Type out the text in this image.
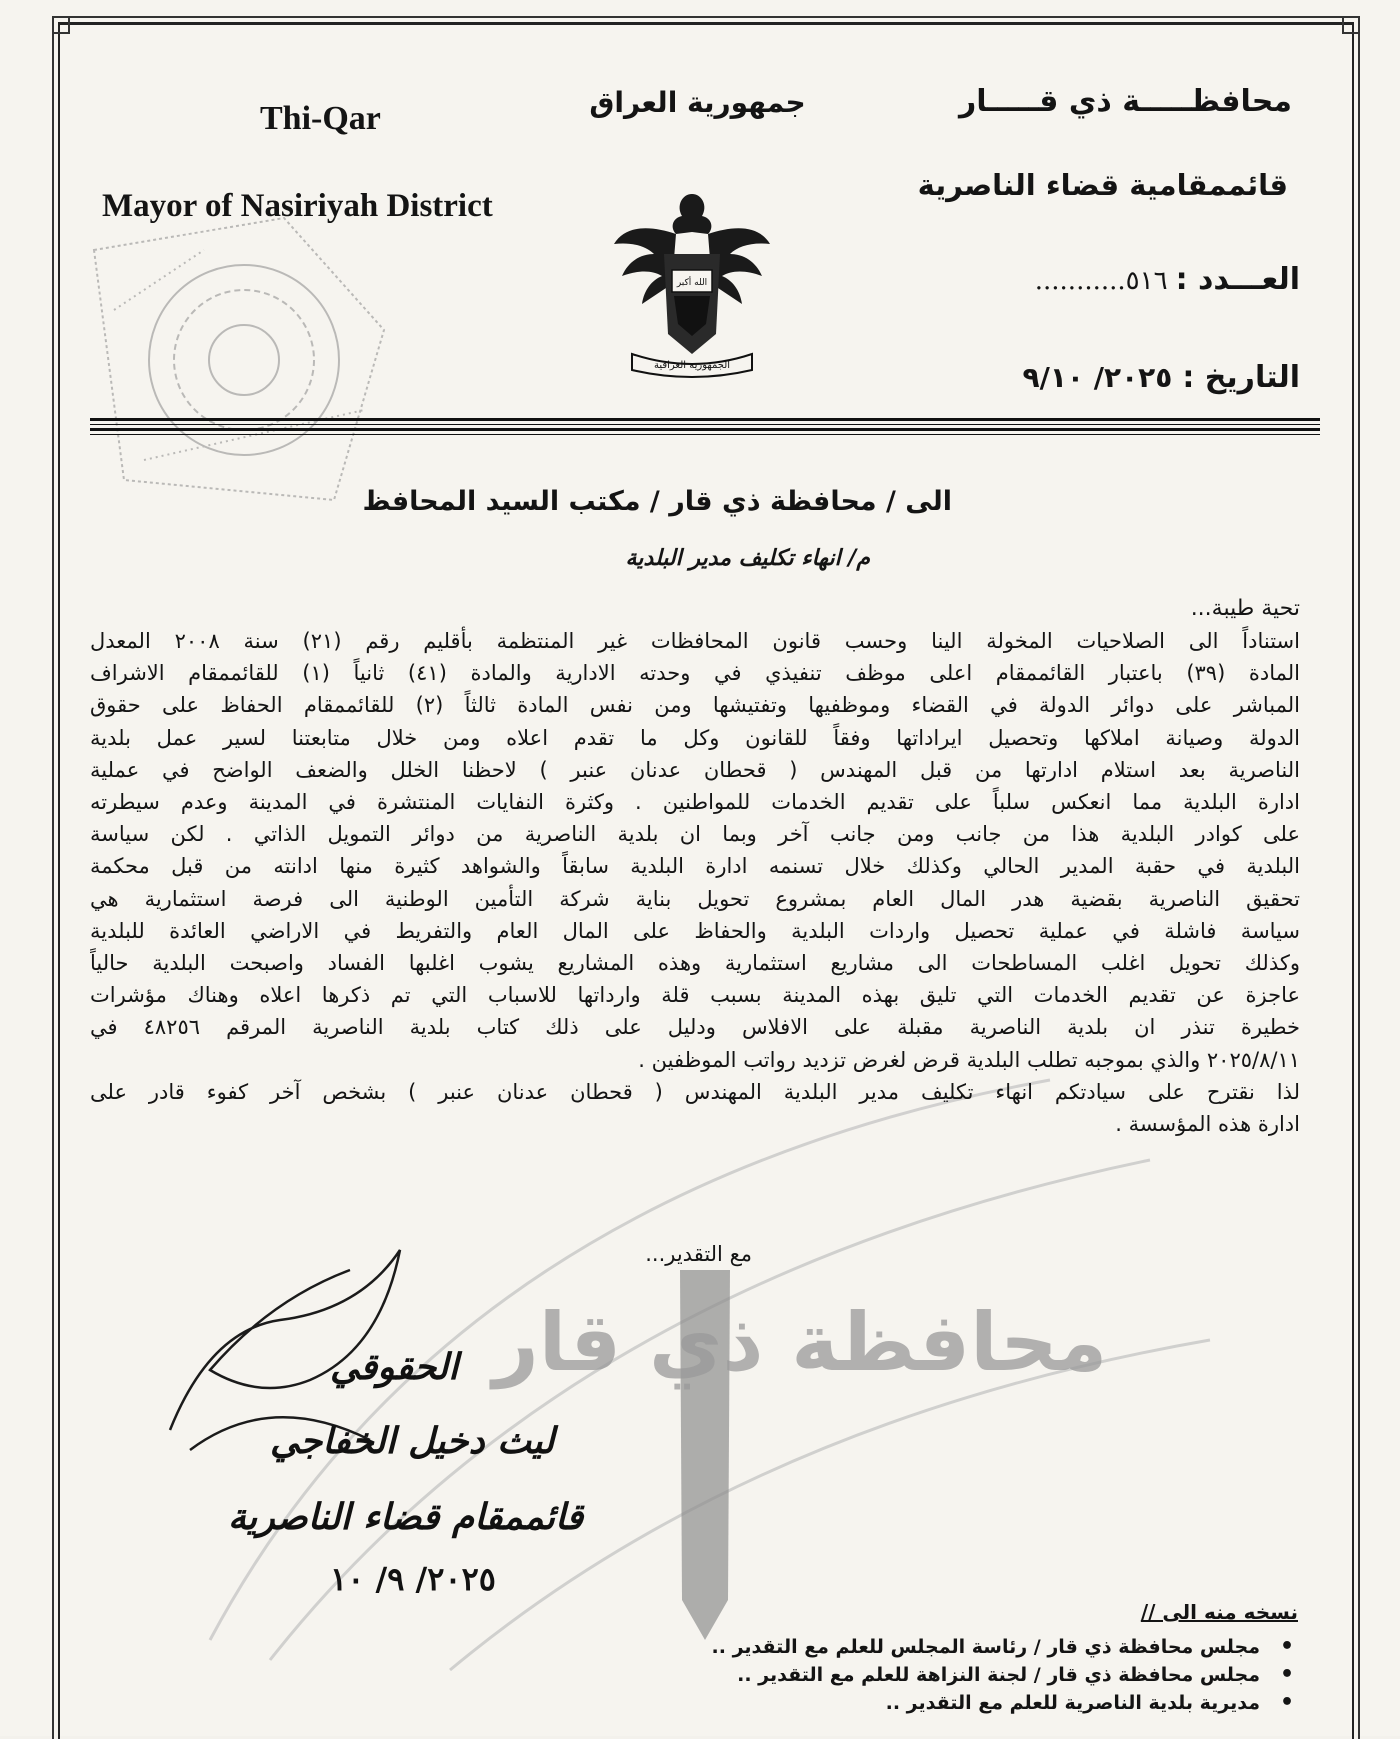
محافظـــــة ذي قـــــار
قائممقامية قضاء الناصرية
العـــدد :
...........٥١٦
التاريخ :
٢٠٢٥/ ٩/١٠
جمهورية العراق
الله أكبر
الجمهورية العراقية
Thi-Qar
Mayor of Nasiriyah District
محافظة ذي قار
الى / محافظة ذي قار / مكتب السيد المحافظ
م/ انهاء تكليف مدير البلدية
تحية طيبة...
استناداً الى الصلاحيات المخولة الينا وحسب قانون المحافظات غير المنتظمة بأقليم رقم (٢١) سنة ٢٠٠٨ المعدل
المادة (٣٩) باعتبار القائممقام اعلى موظف تنفيذي في وحدته الادارية والمادة (٤١) ثانياً (١) للقائممقام الاشراف
المباشر على دوائر الدولة في القضاء وموظفيها وتفتيشها ومن نفس المادة ثالثاً (٢) للقائممقام الحفاظ على حقوق
الدولة وصيانة املاكها وتحصيل ايراداتها وفقاً للقانون وكل ما تقدم اعلاه ومن خلال متابعتنا لسير عمل بلدية
الناصرية بعد استلام ادارتها من قبل المهندس ( قحطان عدنان عنبر ) لاحظنا الخلل والضعف الواضح في عملية
ادارة البلدية مما انعكس سلباً على تقديم الخدمات للمواطنين . وكثرة النفايات المنتشرة في المدينة وعدم سيطرته
على كوادر البلدية هذا من جانب ومن جانب آخر وبما ان بلدية الناصرية من دوائر التمويل الذاتي . لكن سياسة
البلدية في حقبة المدير الحالي وكذلك خلال تسنمه ادارة البلدية سابقاً والشواهد كثيرة منها ادانته من قبل محكمة
تحقيق الناصرية بقضية هدر المال العام بمشروع تحويل بناية شركة التأمين الوطنية الى فرصة استثمارية هي
سياسة فاشلة في عملية تحصيل واردات البلدية والحفاظ على المال العام والتفريط في الاراضي العائدة للبلدية
وكذلك تحويل اغلب المساطحات الى مشاريع استثمارية وهذه المشاريع يشوب اغلبها الفساد واصبحت البلدية حالياً
عاجزة عن تقديم الخدمات التي تليق بهذه المدينة بسبب قلة وارداتها للاسباب التي تم ذكرها اعلاه وهناك مؤشرات
خطيرة تنذر ان بلدية الناصرية مقبلة على الافلاس ودليل على ذلك كتاب بلدية الناصرية المرقم ٤٨٢٥٦ في
٢٠٢٥/٨/١١ والذي بموجبه تطلب البلدية قرض لغرض تزديد رواتب الموظفين .
لذا نقترح على سيادتكم انهاء تكليف مدير البلدية المهندس ( قحطان عدنان عنبر ) بشخص آخر كفوء قادر على
ادارة هذه المؤسسة .
مع التقدير...
الحقوقي
ليث دخيل الخفاجي
قائممقام قضاء الناصرية
٢٠٢٥/ ٩/ ١٠
نسخه منه الى //
• مجلس محافظة ذي قار / رئاسة المجلس للعلم مع التقدير ..
• مجلس محافظة ذي قار / لجنة النزاهة للعلم مع التقدير ..
• مديرية بلدية الناصرية للعلم مع التقدير ..
